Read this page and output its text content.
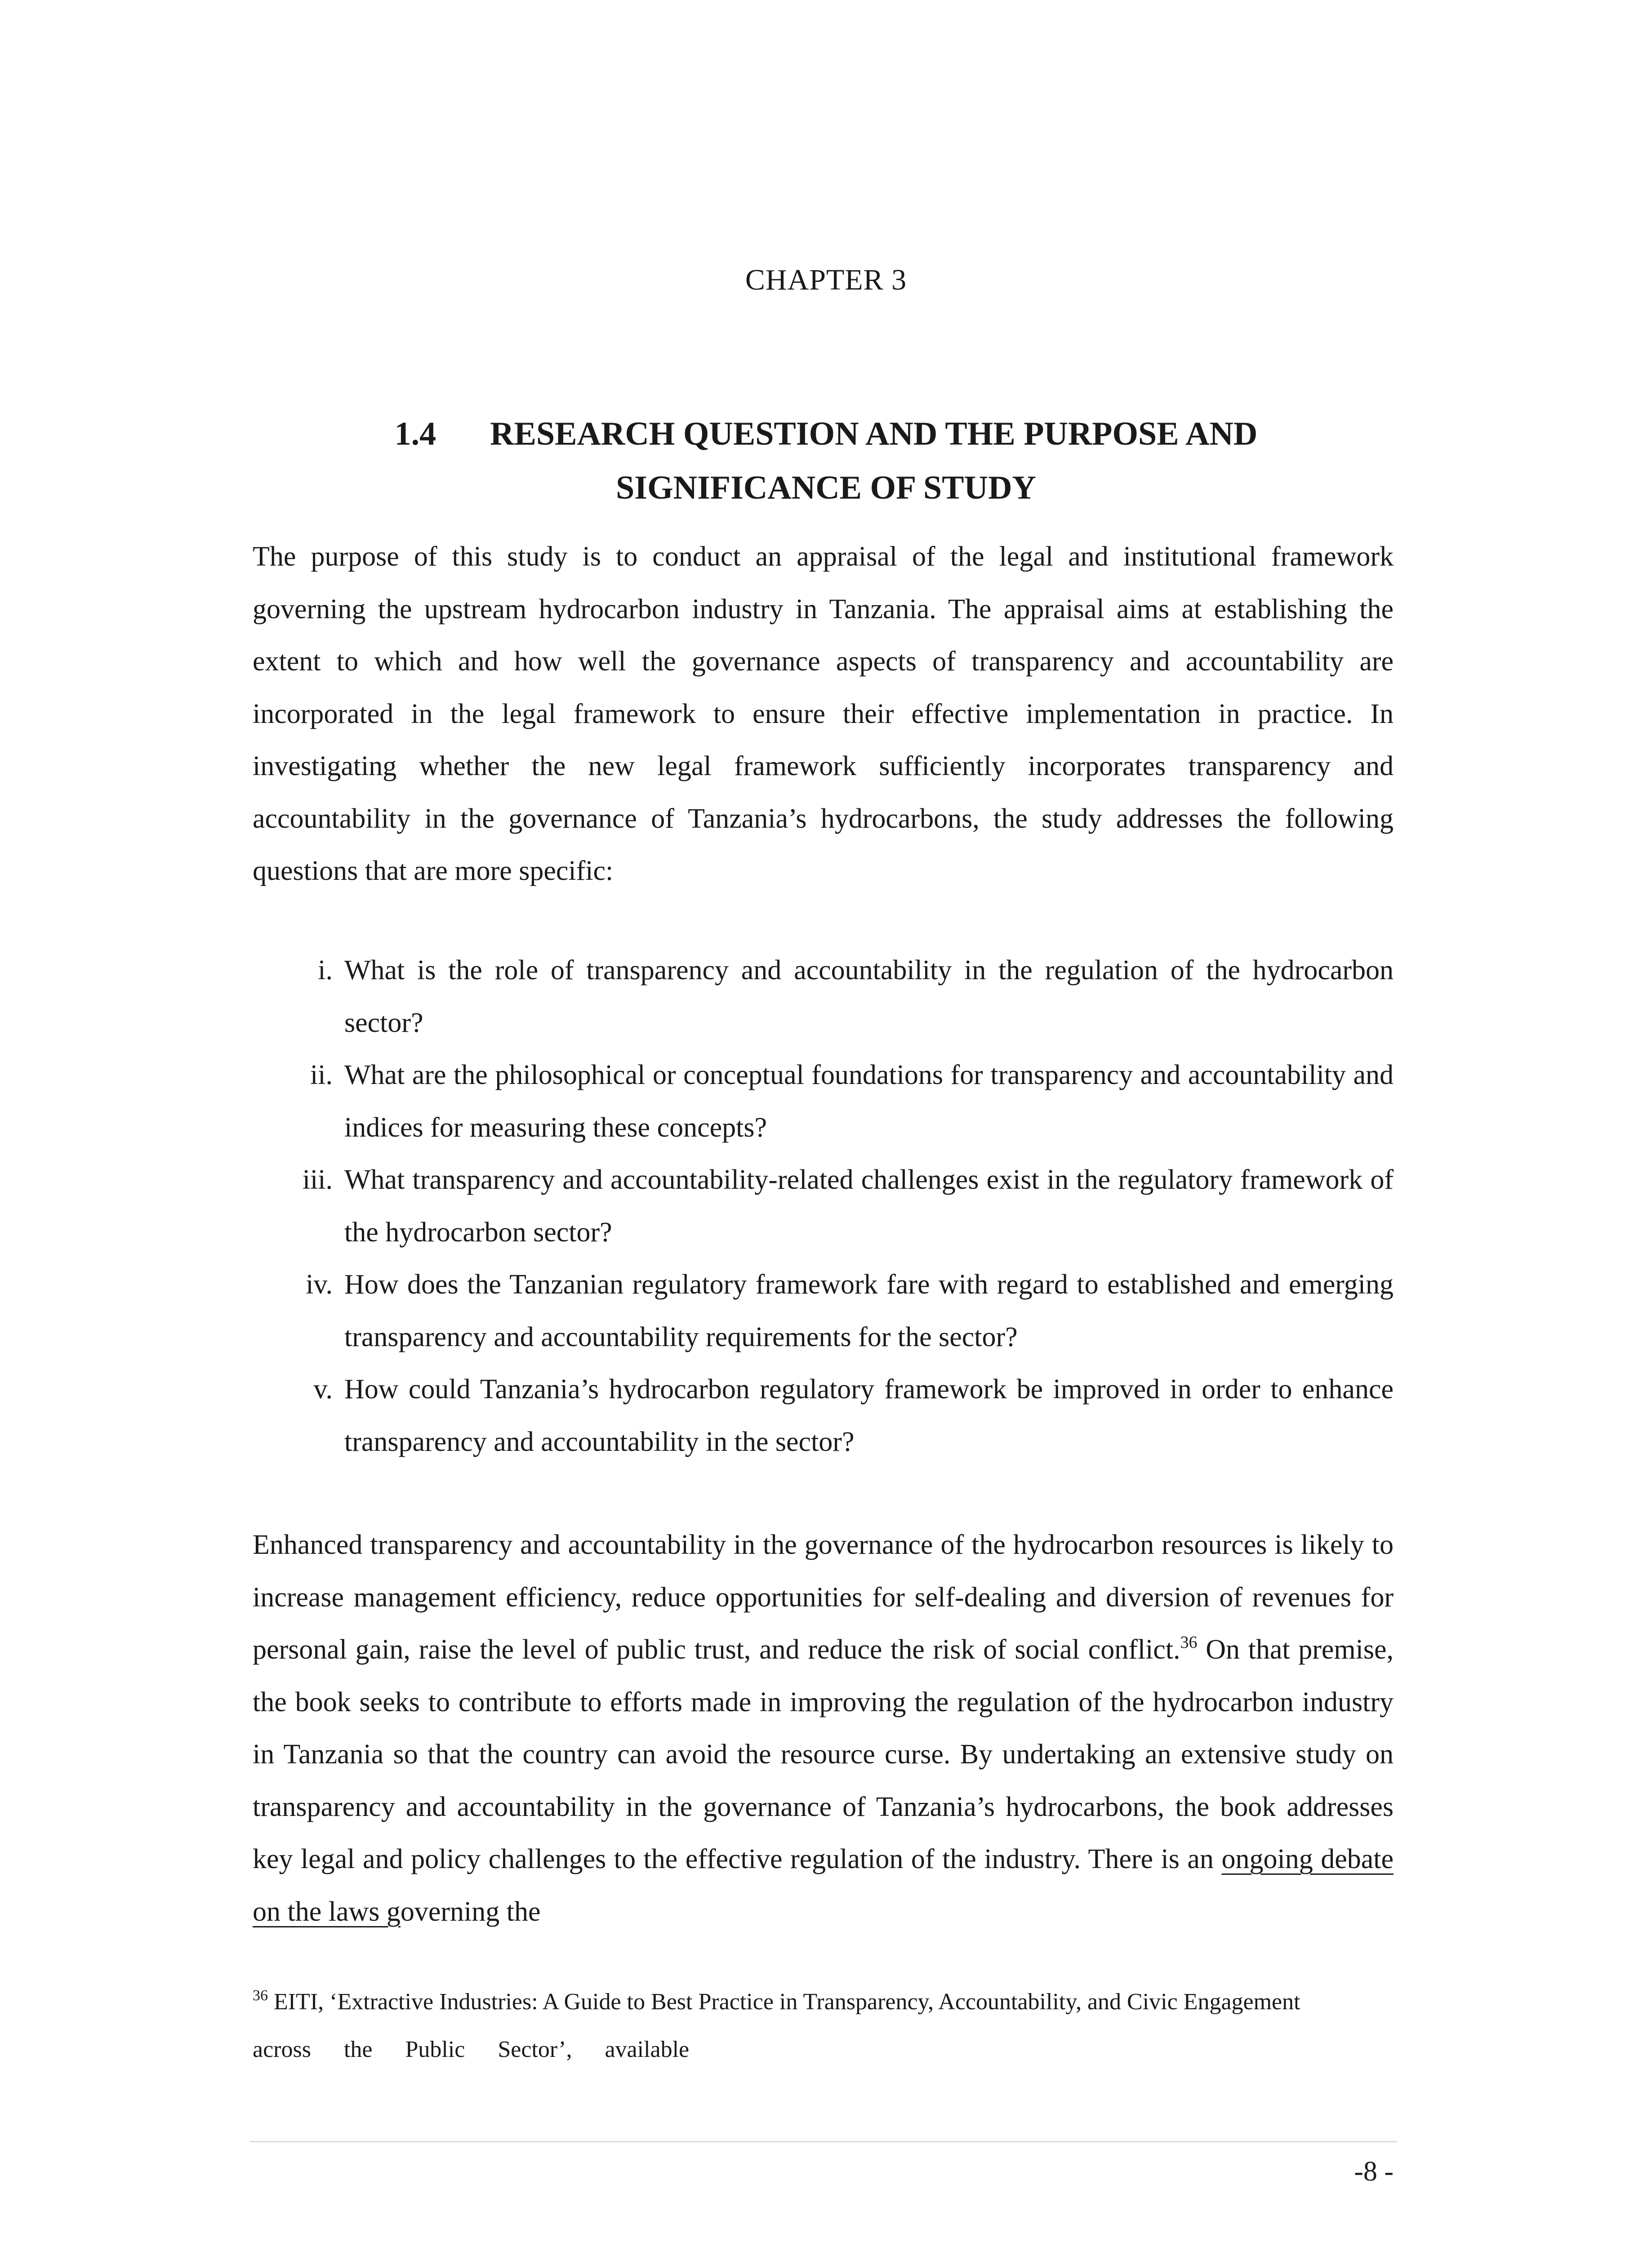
CHAPTER 3
1.4 RESEARCH QUESTION AND THE PURPOSE AND
SIGNIFICANCE OF STUDY

The purpose of this study is to conduct an appraisal of the legal and institutional framework governing the upstream hydrocarbon industry in Tanzania. The appraisal aims at establishing the extent to which and how well the governance aspects of transparency and accountability are incorporated in the legal framework to ensure their effective implementation in practice. In investigating whether the new legal framework sufficiently incorporates transparency and accountability in the governance of Tanzania’s hydrocarbons, the study addresses the following questions that are more specific:

i. What is the role of transparency and accountability in the regulation of the hydrocarbon sector?
ii. What are the philosophical or conceptual foundations for transparency and accountability and indices for measuring these concepts?
iii. What transparency and accountability-related challenges exist in the regulatory framework of the hydrocarbon sector?
iv. How does the Tanzanian regulatory framework fare with regard to established and emerging transparency and accountability requirements for the sector?
v. How could Tanzania’s hydrocarbon regulatory framework be improved in order to enhance transparency and accountability in the sector?

Enhanced transparency and accountability in the governance of the hydrocarbon resources is likely to increase management efficiency, reduce opportunities for self-dealing and diversion of revenues for personal gain, raise the level of public trust, and reduce the risk of social conflict.$^{36}$ On that premise, the book seeks to contribute to efforts made in improving the regulation of the hydrocarbon industry in Tanzania so that the country can avoid the resource curse. By undertaking an extensive study on transparency and accountability in the governance of Tanzania’s hydrocarbons, the book addresses key legal and policy challenges to the effective regulation of the industry. There is an ongoing debate on the laws governing the

$^{36}$ EITI, ‘Extractive Industries: A Guide to Best Practice in Transparency, Accountability, and Civic Engagement
across the Public Sector’, available
-8 -
